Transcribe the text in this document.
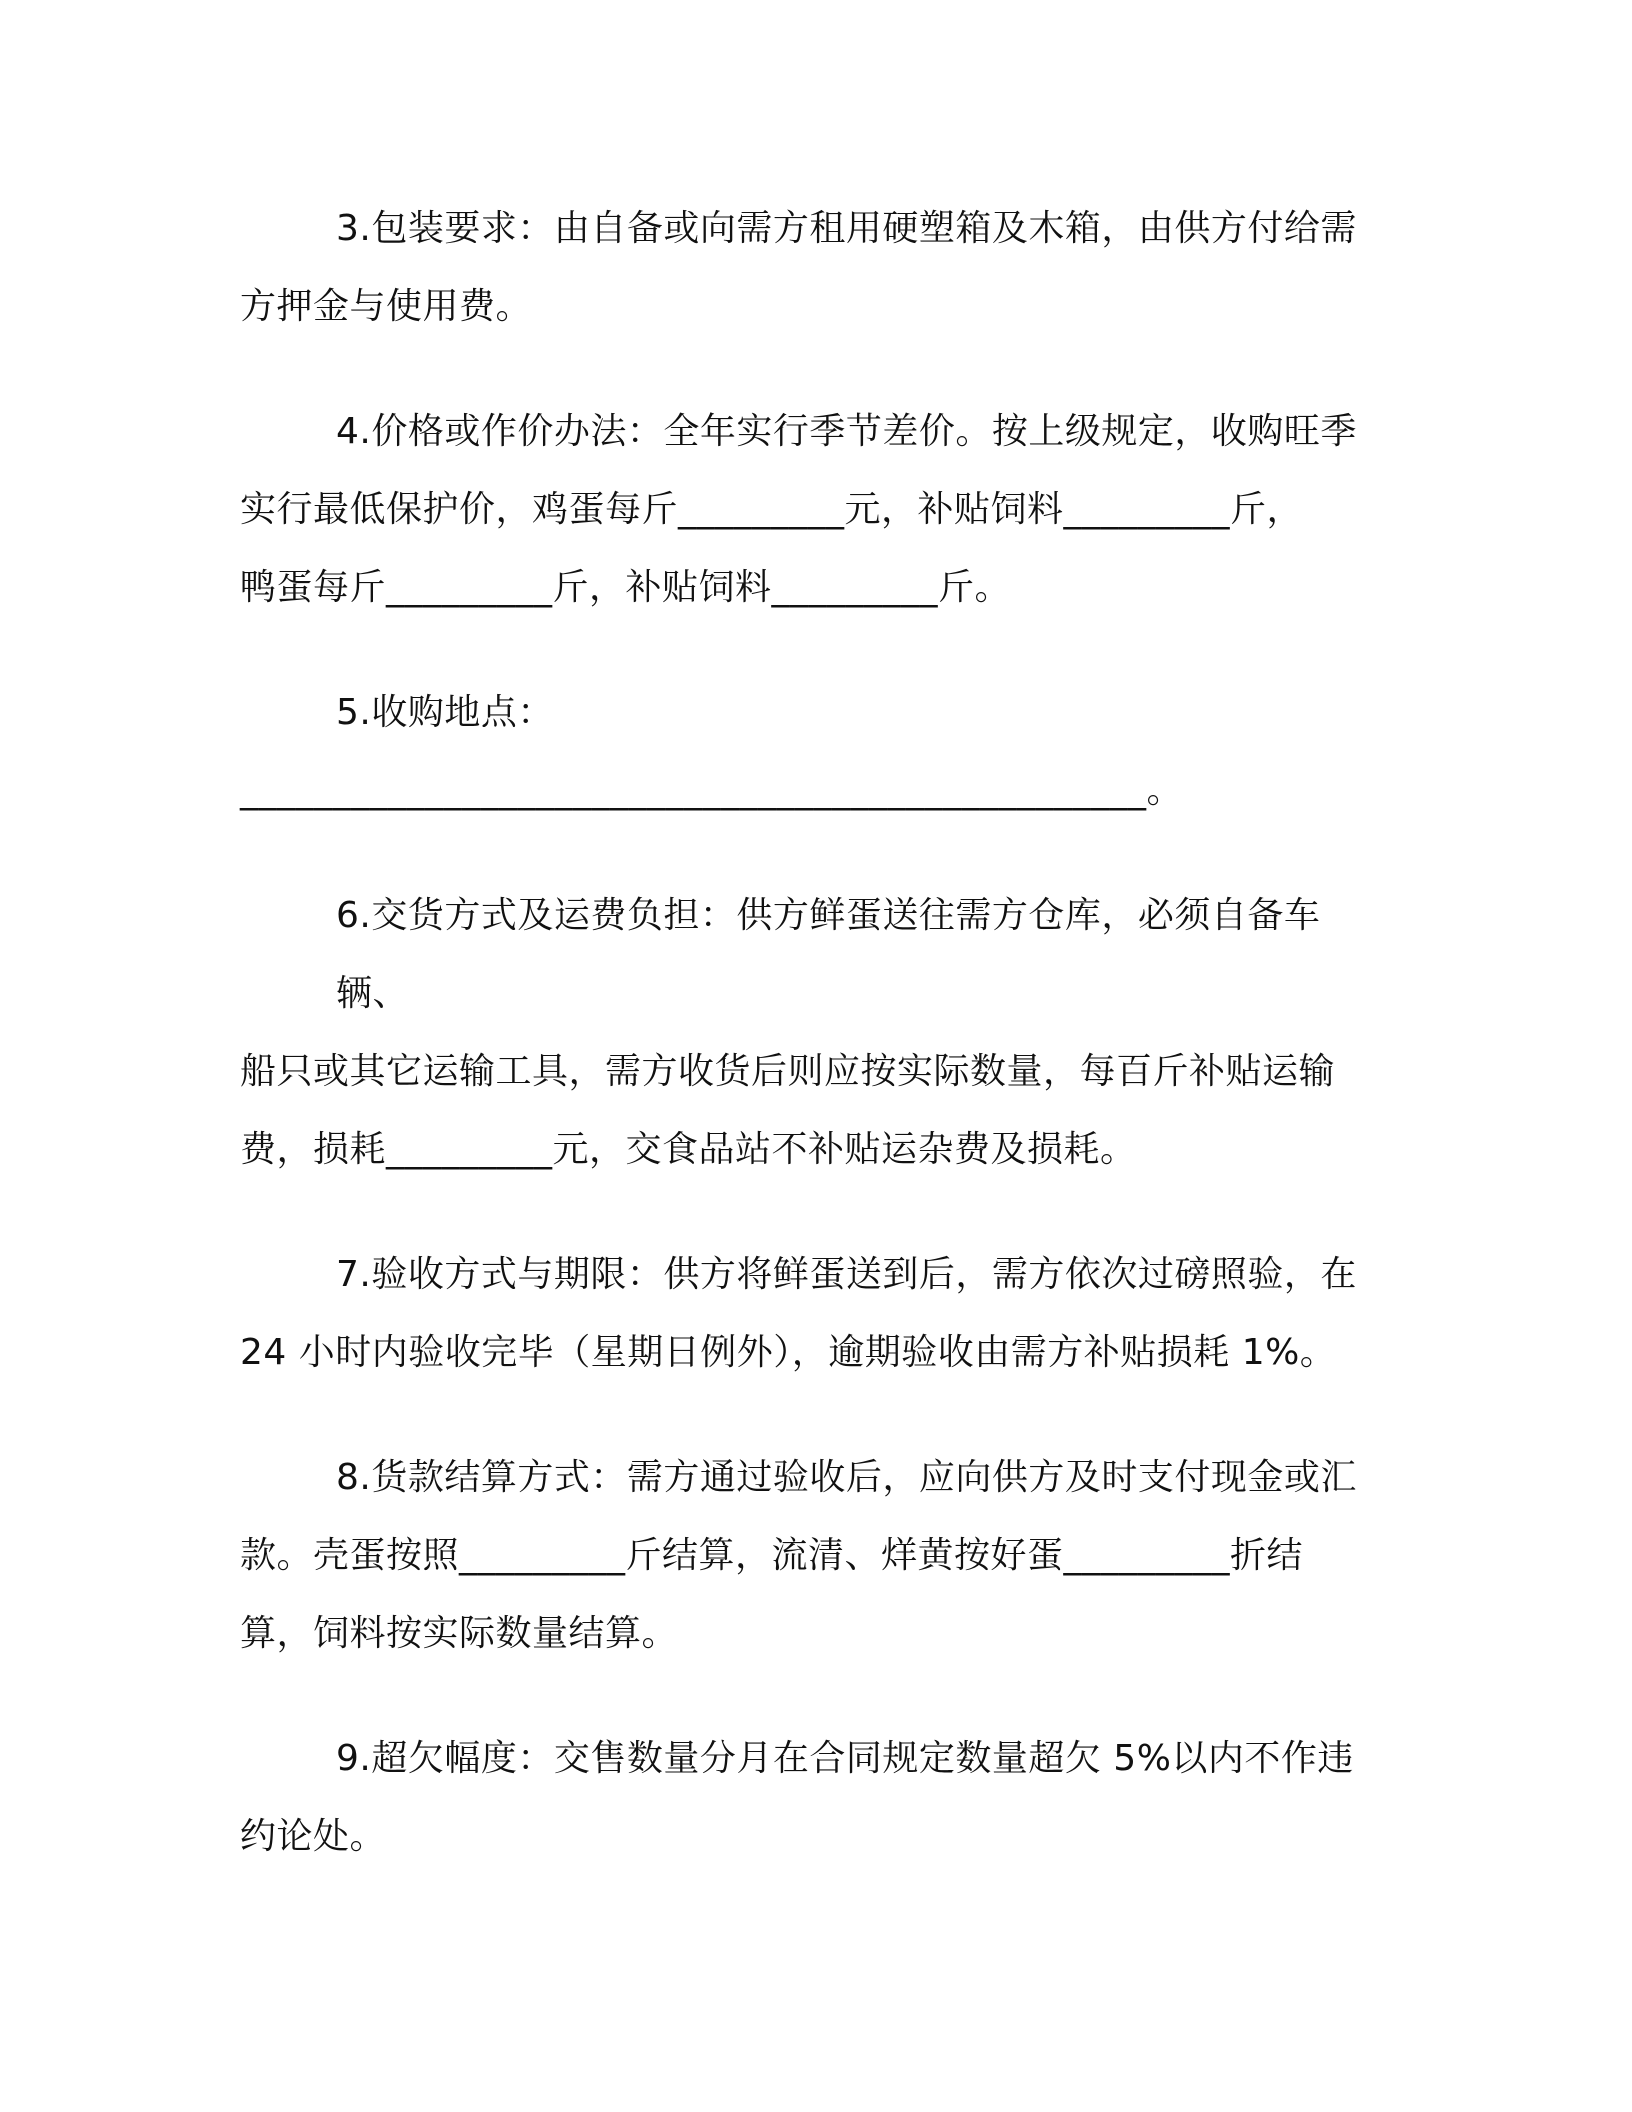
3.包装要求：由自备或向需方租用硬塑箱及木箱，由供方付给需
方押金与使用费。

4.价格或作价办法：全年实行季节差价。按上级规定，收购旺季
实行最低保护价，鸡蛋每斤_________元，补贴饲料_________斤，
鸭蛋每斤_________斤，补贴饲料_________斤。

5.收购地点：
_________________________________________________。

6.交货方式及运费负担：供方鲜蛋送往需方仓库，必须自备车辆、
船只或其它运输工具，需方收货后则应按实际数量，每百斤补贴运输
费，损耗_________元，交食品站不补贴运杂费及损耗。

7.验收方式与期限：供方将鲜蛋送到后，需方依次过磅照验，在
24 小时内验收完毕（星期日例外），逾期验收由需方补贴损耗 1%。

8.货款结算方式：需方通过验收后，应向供方及时支付现金或汇
款。壳蛋按照_________斤结算，流清、烊黄按好蛋_________折结
算，饲料按实际数量结算。

9.超欠幅度：交售数量分月在合同规定数量超欠 5%以内不作违
约论处。
